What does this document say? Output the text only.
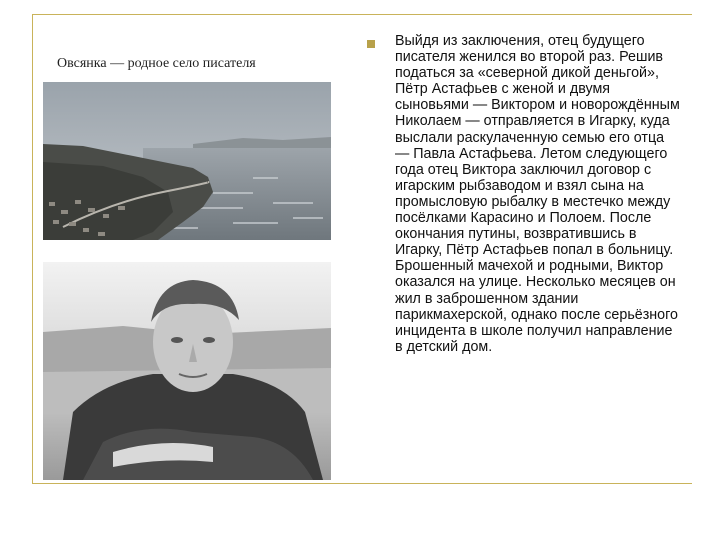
Овсянка — родное село писателя

Выйдя из заключения, отец будущего писателя женился во второй раз. Решив податься за «северной дикой деньгой», Пётр Астафьев с женой и двумя сыновьями — Виктором и новорождённым Николаем — отправляется в Игарку, куда выслали раскулаченную семью его отца — Павла Астафьева. Летом следующего года отец Виктора заключил договор с игарским рыбзаводом и взял сына на промысловую рыбалку в местечко между посёлками Карасино и Полоем. После окончания путины, возвратившись в Игарку, Пётр Астафьев попал в больницу. Брошенный мачехой и родными, Виктор оказался на улице. Несколько месяцев он жил в заброшенном здании парикмахерской, однако после серьёзного инцидента в школе получил направление в детский дом.
